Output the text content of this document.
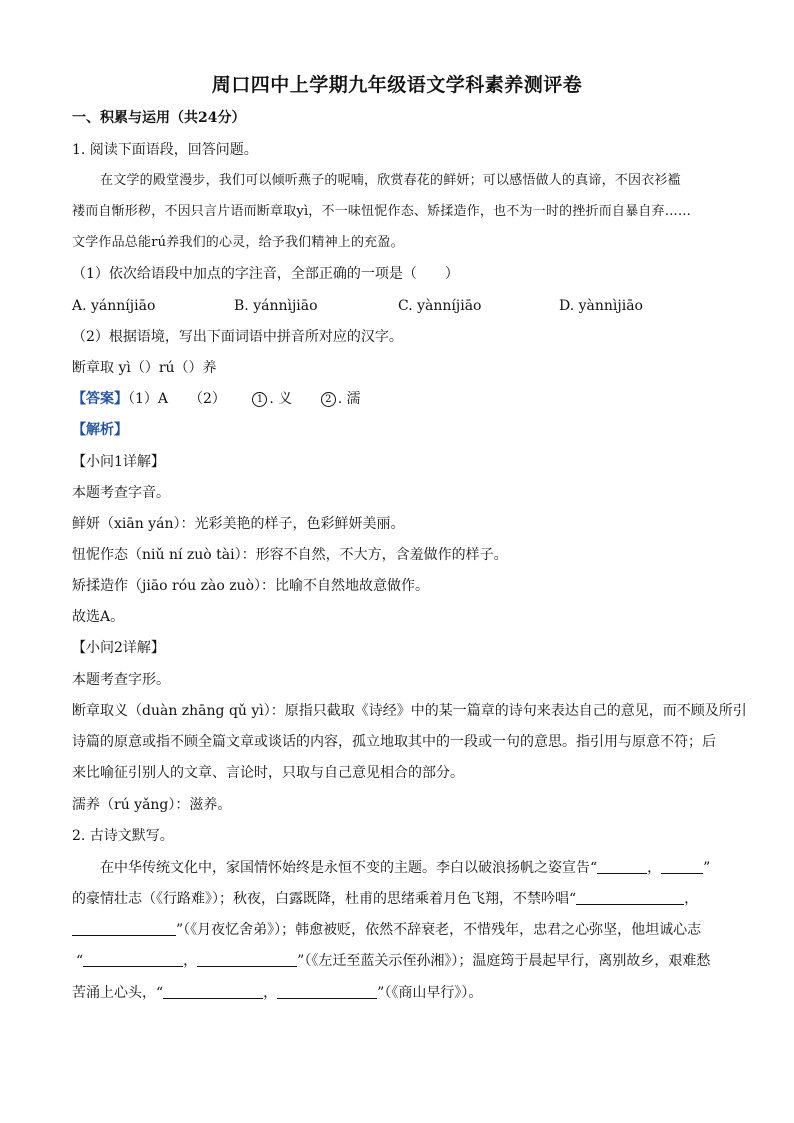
周口四中上学期九年级语文学科素养测评卷
一、积累与运用（共24分）
1. 阅读下面语段，回答问题。
在文学的殿堂漫步，我们可以倾听燕子的呢喃，欣赏春花的鲜妍；可以感悟做人的真谛，不因衣衫褴
褛而自惭形秽，不因只言片语而断章取yì，不一味忸怩作态、矫揉造作，也不为一时的挫折而自暴自弃……
文学作品总能rú养我们的心灵，给予我们精神上的充盈。
（1）依次给语段中加点的字注音，全部正确的一项是（　　）
A. yánníjiāo	B. yánnìjiāo	C. yànníjiāo	D. yànnìjiāo
（2）根据语境，写出下面词语中拼音所对应的汉字。
断章取 yì（）rú（）养
【答案】（1）A　　（2）	1 . 义	2 . 濡
【解析】
【小问1详解】
本题考查字音。
鲜妍（xiān yán）：光彩美艳的样子，色彩鲜妍美丽。
忸怩作态（niǔ ní zuò tài）：形容不自然，不大方，含羞做作的样子。
矫揉造作（jiāo róu zào zuò）：比喻不自然地故意做作。
故选A。
【小问2详解】
本题考查字形。
断章取义（duàn zhāng qǔ yì）：原指只截取《诗经》中的某一篇章的诗句来表达自己的意见，而不顾及所引
诗篇的原意或指不顾全篇文章或谈话的内容，孤立地取其中的一段或一句的意思。指引用与原意不符；后
来比喻征引别人的文章、言论时，只取与自己意见相合的部分。
濡养（rú yǎng）：滋养。
2. 古诗文默写。
在中华传统文化中，家国情怀始终是永恒不变的主题。李白以破浪扬帆之姿宣告“	，	”
的豪情壮志（《行路难》）；秋夜，白露既降，杜甫的思绪乘着月色飞翔，不禁吟唱“	，
”（《月夜忆舍弟》）；韩愈被贬，依然不辞衰老，不惜残年，忠君之心弥坚，他坦诚心志
“	，	”（《左迁至蓝关示侄孙湘》）；温庭筠于晨起早行，离别故乡，艰难愁
苦涌上心头，“	，	”（《商山早行》）。
